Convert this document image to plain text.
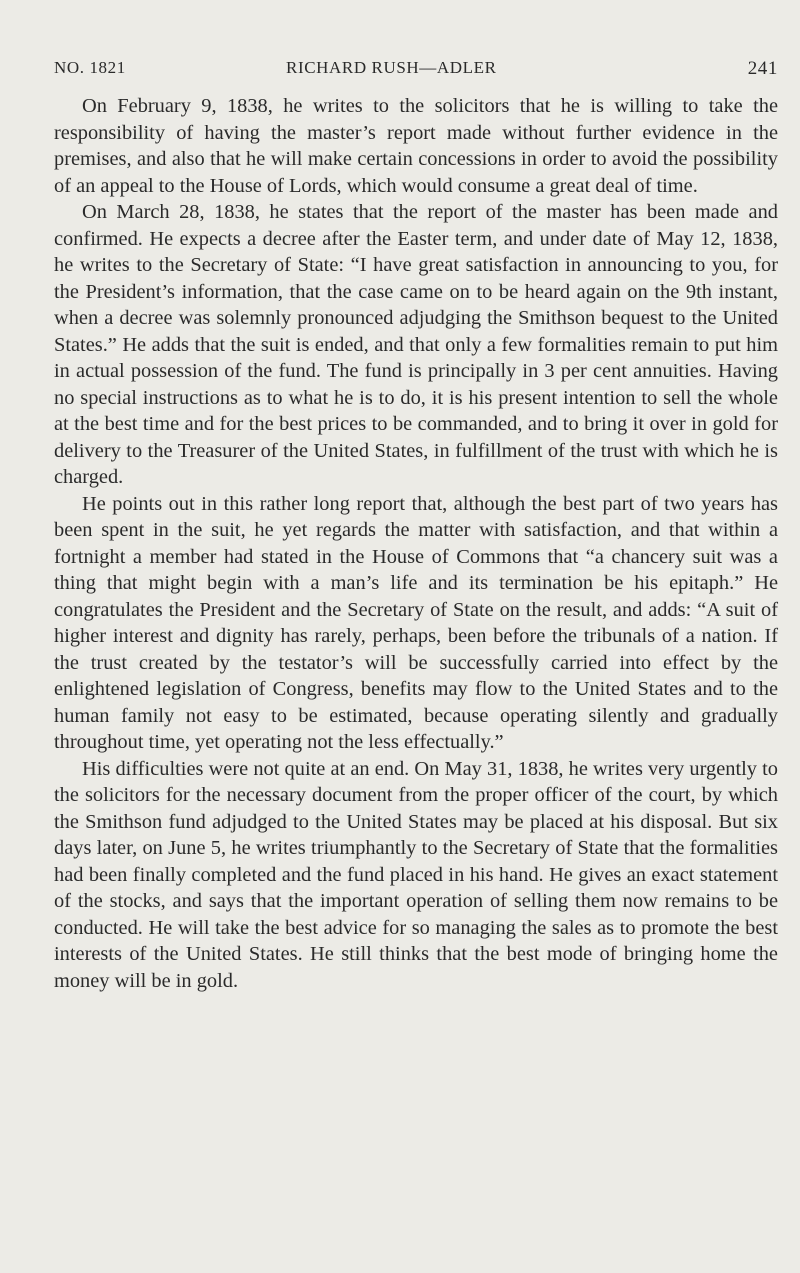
NO. 1821	RICHARD RUSH—ADLER	241

On February 9, 1838, he writes to the solicitors that he is willing to take the responsibility of having the master’s report made without further evidence in the premises, and also that he will make certain concessions in order to avoid the possibility of an appeal to the House of Lords, which would consume a great deal of time.

On March 28, 1838, he states that the report of the master has been made and confirmed. He expects a decree after the Easter term, and under date of May 12, 1838, he writes to the Secretary of State: “I have great satisfaction in announcing to you, for the President’s information, that the case came on to be heard again on the 9th instant, when a decree was solemnly pronounced adjudging the Smithson bequest to the United States.” He adds that the suit is ended, and that only a few formalities remain to put him in actual possession of the fund. The fund is principally in 3 per cent annuities. Having no special instructions as to what he is to do, it is his present intention to sell the whole at the best time and for the best prices to be commanded, and to bring it over in gold for delivery to the Treasurer of the United States, in fulfillment of the trust with which he is charged.

He points out in this rather long report that, although the best part of two years has been spent in the suit, he yet regards the matter with satisfaction, and that within a fortnight a member had stated in the House of Commons that “a chancery suit was a thing that might begin with a man’s life and its termination be his epitaph.” He congratulates the President and the Secretary of State on the result, and adds: “A suit of higher interest and dignity has rarely, perhaps, been before the tribunals of a nation. If the trust created by the testator’s will be successfully carried into effect by the enlightened legislation of Congress, benefits may flow to the United States and to the human family not easy to be estimated, because operating silently and gradually throughout time, yet operating not the less effectually.”

His difficulties were not quite at an end. On May 31, 1838, he writes very urgently to the solicitors for the necessary document from the proper officer of the court, by which the Smithson fund adjudged to the United States may be placed at his disposal. But six days later, on June 5, he writes triumphantly to the Secretary of State that the formalities had been finally completed and the fund placed in his hand. He gives an exact statement of the stocks, and says that the important operation of selling them now remains to be conducted. He will take the best advice for so managing the sales as to promote the best interests of the United States. He still thinks that the best mode of bringing home the money will be in gold.
